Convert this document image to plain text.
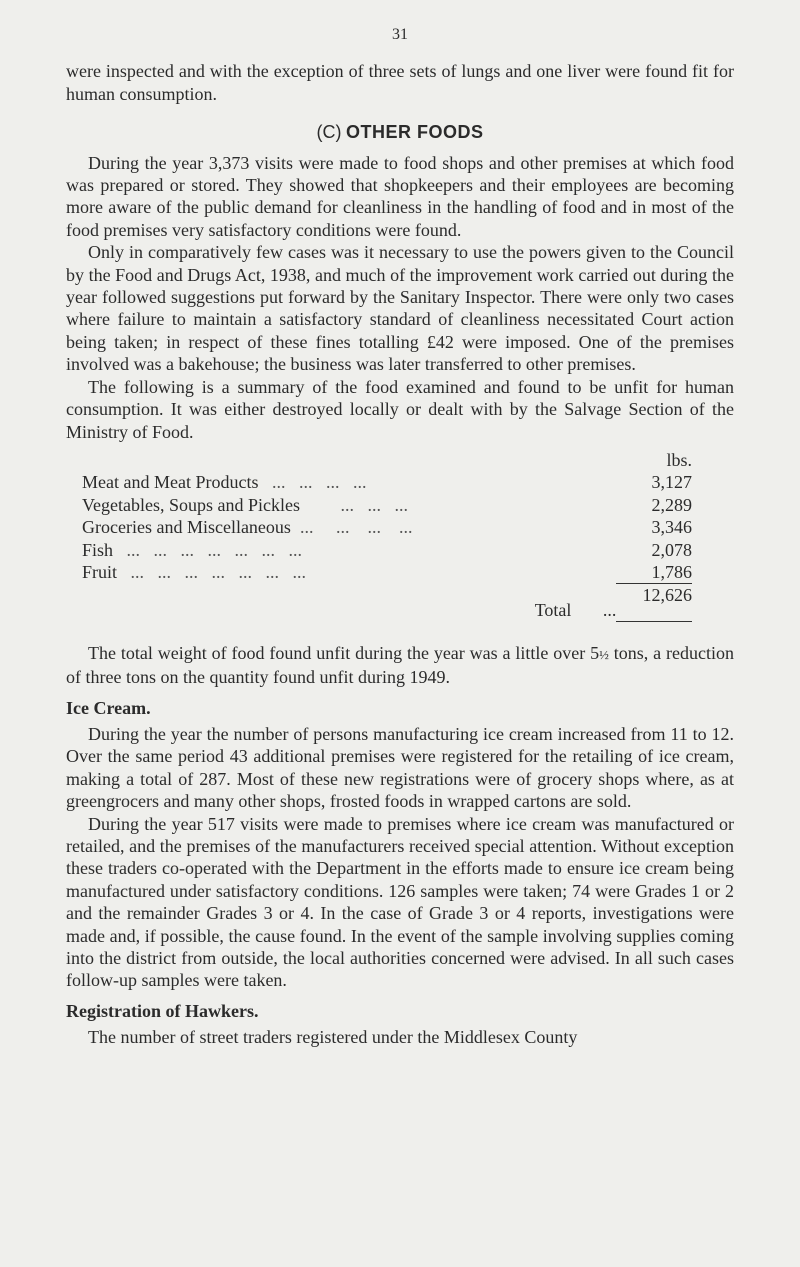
31

were inspected and with the exception of three sets of lungs and one liver were found fit for human consumption.

(C) OTHER FOODS

During the year 3,373 visits were made to food shops and other premises at which food was prepared or stored. They showed that shopkeepers and their employees are becoming more aware of the public demand for cleanliness in the handling of food and in most of the food premises very satisfactory conditions were found.

Only in comparatively few cases was it necessary to use the powers given to the Council by the Food and Drugs Act, 1938, and much of the improvement work carried out during the year followed suggestions put forward by the Sanitary Inspector. There were only two cases where failure to maintain a satisfactory standard of cleanliness necessitated Court action being taken; in respect of these fines totalling £42 were imposed. One of the premises involved was a bakehouse; the business was later transferred to other premises.

The following is a summary of the food examined and found to be unfit for human consumption. It was either destroyed locally or dealt with by the Salvage Section of the Ministry of Food.

	lbs.
Meat and Meat Products   ...   ...   ...   ...	3,127
Vegetables, Soups and Pickles         ...   ...   ...	2,289
Groceries and Miscellaneous  ...     ...    ...    ...	3,346
Fish   ...   ...   ...   ...   ...   ...   ...	2,078
Fruit   ...   ...   ...   ...   ...   ...   ...	1,786

Total       ...	12,626

The total weight of food found unfit during the year was a little over 5½ tons, a reduction of three tons on the quantity found unfit during 1949.

Ice Cream.

During the year the number of persons manufacturing ice cream increased from 11 to 12. Over the same period 43 additional premises were registered for the retailing of ice cream, making a total of 287. Most of these new registrations were of grocery shops where, as at greengrocers and many other shops, frosted foods in wrapped cartons are sold.

During the year 517 visits were made to premises where ice cream was manufactured or retailed, and the premises of the manufacturers received special attention. Without exception these traders co-operated with the Department in the efforts made to ensure ice cream being manufactured under satisfactory conditions. 126 samples were taken; 74 were Grades 1 or 2 and the remainder Grades 3 or 4. In the case of Grade 3 or 4 reports, investigations were made and, if possible, the cause found. In the event of the sample involving supplies coming into the district from outside, the local authorities concerned were advised. In all such cases follow-up samples were taken.

Registration of Hawkers.

The number of street traders registered under the Middlesex County
